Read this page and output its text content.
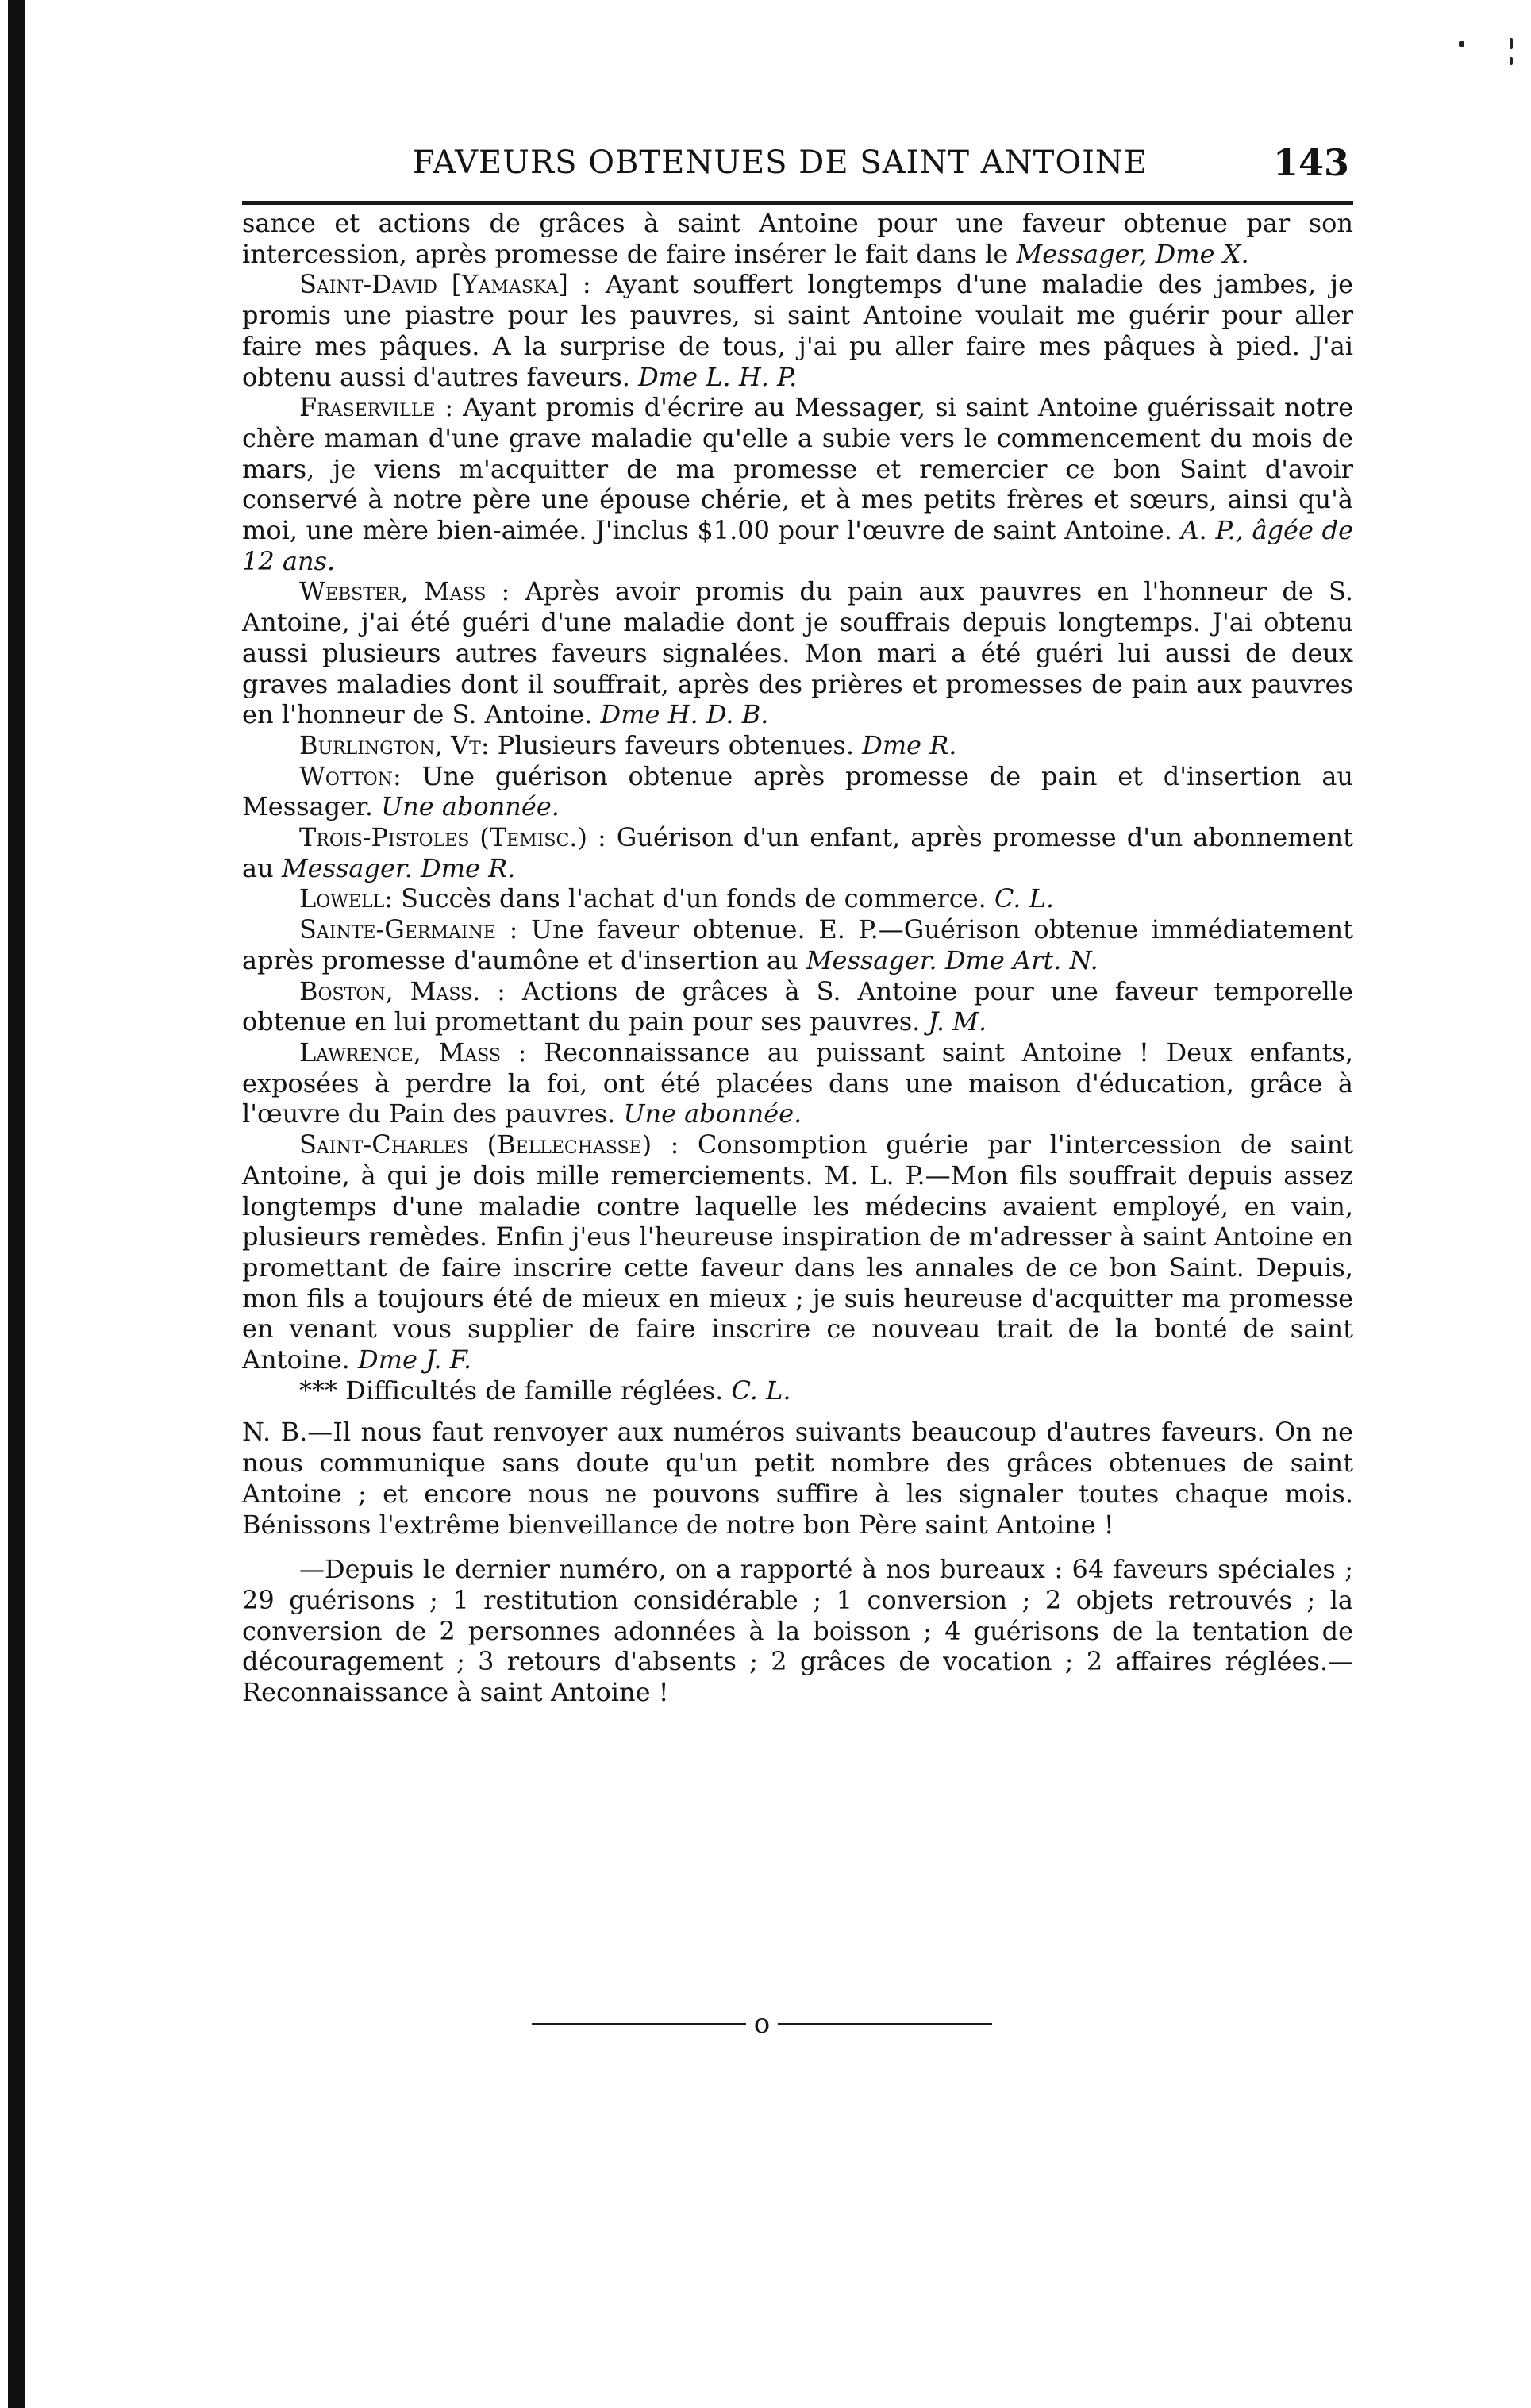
FAVEURS OBTENUES DE SAINT ANTOINE	143

sance et actions de grâces à saint Antoine pour une faveur obtenue par son intercession, après promesse de faire insérer le fait dans le Messager, Dme X.

Saint-David [Yamaska] : Ayant souffert longtemps d'une maladie des jambes, je promis une piastre pour les pauvres, si saint Antoine voulait me guérir pour aller faire mes pâques. A la surprise de tous, j'ai pu aller faire mes pâques à pied. J'ai obtenu aussi d'autres faveurs. Dme L. H. P.

Fraserville : Ayant promis d'écrire au Messager, si saint Antoine guérissait notre chère maman d'une grave maladie qu'elle a subie vers le commencement du mois de mars, je viens m'acquitter de ma promesse et remercier ce bon Saint d'avoir conservé à notre père une épouse chérie, et à mes petits frères et sœurs, ainsi qu'à moi, une mère bien-aimée. J'inclus $1.00 pour l'œuvre de saint Antoine. A. P., âgée de 12 ans.

Webster, Mass : Après avoir promis du pain aux pauvres en l'honneur de S. Antoine, j'ai été guéri d'une maladie dont je souffrais depuis longtemps. J'ai obtenu aussi plusieurs autres faveurs signalées. Mon mari a été guéri lui aussi de deux graves maladies dont il souffrait, après des prières et promesses de pain aux pauvres en l'honneur de S. Antoine. Dme H. D. B.

Burlington, Vt: Plusieurs faveurs obtenues. Dme R.

Wotton: Une guérison obtenue après promesse de pain et d'insertion au Messager. Une abonnée.

Trois-Pistoles (Temisc.) : Guérison d'un enfant, après promesse d'un abonnement au Messager. Dme R.

Lowell: Succès dans l'achat d'un fonds de commerce. C. L.

Sainte-Germaine : Une faveur obtenue. E. P.—Guérison obtenue immédiatement après promesse d'aumône et d'insertion au Messager. Dme Art. N.

Boston, Mass. : Actions de grâces à S. Antoine pour une faveur temporelle obtenue en lui promettant du pain pour ses pauvres. J. M.

Lawrence, Mass : Reconnaissance au puissant saint Antoine ! Deux enfants, exposées à perdre la foi, ont été placées dans une maison d'éducation, grâce à l'œuvre du Pain des pauvres. Une abonnée.

Saint-Charles (Bellechasse) : Consomption guérie par l'intercession de saint Antoine, à qui je dois mille remerciements. M. L. P.—Mon fils souffrait depuis assez longtemps d'une maladie contre laquelle les médecins avaient employé, en vain, plusieurs remèdes. Enfin j'eus l'heureuse inspiration de m'adresser à saint Antoine en promettant de faire inscrire cette faveur dans les annales de ce bon Saint. Depuis, mon fils a toujours été de mieux en mieux ; je suis heureuse d'acquitter ma promesse en venant vous supplier de faire inscrire ce nouveau trait de la bonté de saint Antoine. Dme J. F.

*** Difficultés de famille réglées. C. L.

N. B.—Il nous faut renvoyer aux numéros suivants beaucoup d'autres faveurs. On ne nous communique sans doute qu'un petit nombre des grâces obtenues de saint Antoine ; et encore nous ne pouvons suffire à les signaler toutes chaque mois. Bénissons l'extrême bienveillance de notre bon Père saint Antoine !

—Depuis le dernier numéro, on a rapporté à nos bureaux : 64 faveurs spéciales ; 29 guérisons ; 1 restitution considérable ; 1 conversion ; 2 objets retrouvés ; la conversion de 2 personnes adonnées à la boisson ; 4 guérisons de la tentation de découragement ; 3 retours d'absents ; 2 grâces de vocation ; 2 affaires réglées.—Reconnaissance à saint Antoine !

o
